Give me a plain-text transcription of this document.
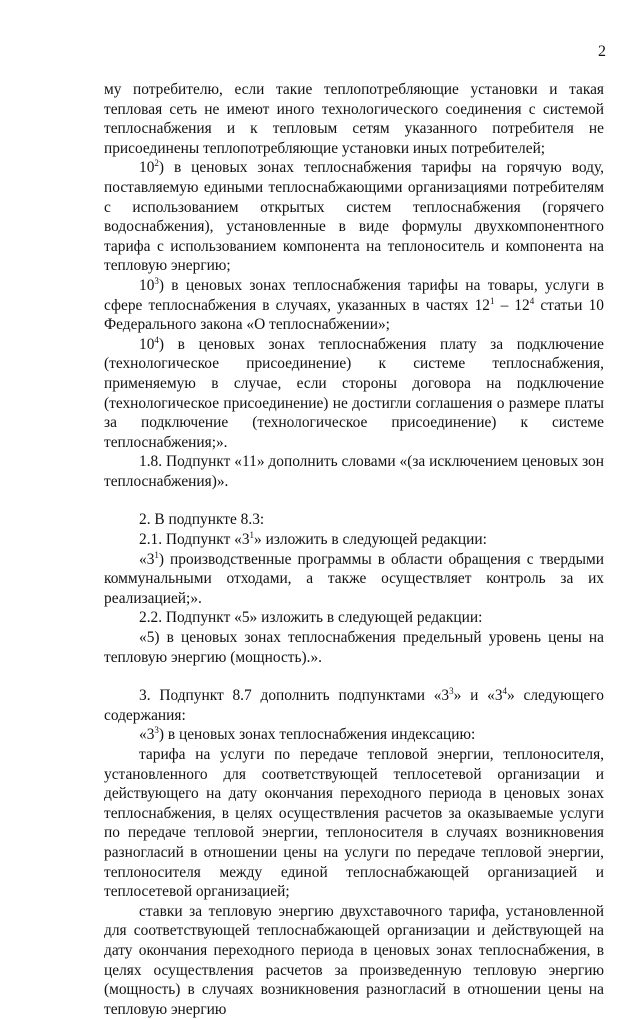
2

му потребителю, если такие теплопотребляющие установки и такая тепловая сеть не имеют иного технологического соединения с системой теплоснабжения и к тепловым сетям указанного потребителя не присоединены теплопотребляющие установки иных потребителей;

$10^2$) в ценовых зонах теплоснабжения тарифы на горячую воду, поставляемую едиными теплоснабжающими организациями потребителям с использованием открытых систем теплоснабжения (горячего водоснабжения), установленные в виде формулы двухкомпонентного тарифа с использованием компонента на теплоноситель и компонента на тепловую энергию;

$10^3$) в ценовых зонах теплоснабжения тарифы на товары, услуги в сфере теплоснабжения в случаях, указанных в частях $12^1 - 12^4$ статьи 10 Федерального закона «О теплоснабжении»;

$10^4$) в ценовых зонах теплоснабжения плату за подключение (технологическое присоединение) к системе теплоснабжения, применяемую в случае, если стороны договора на подключение (технологическое присоединение) не достигли соглашения о размере платы за подключение (технологическое присоединение) к системе теплоснабжения;».

1.8. Подпункт «11» дополнить словами «(за исключением ценовых зон теплоснабжения)».

2. В подпункте 8.3:

2.1. Подпункт «$3^1$» изложить в следующей редакции:

«$3^1$) производственные программы в области обращения с твердыми коммунальными отходами, а также осуществляет контроль за их реализацией;».

2.2. Подпункт «5» изложить в следующей редакции:

«5) в ценовых зонах теплоснабжения предельный уровень цены на тепловую энергию (мощность).».

3. Подпункт 8.7 дополнить подпунктами «$3^3$» и «$3^4$» следующего содержания:

«$3^3$) в ценовых зонах теплоснабжения индексацию:

тарифа на услуги по передаче тепловой энергии, теплоносителя, установленного для соответствующей теплосетевой организации и действующего на дату окончания переходного периода в ценовых зонах теплоснабжения, в целях осуществления расчетов за оказываемые услуги по передаче тепловой энергии, теплоносителя в случаях возникновения разногласий в отношении цены на услуги по передаче тепловой энергии, теплоносителя между единой теплоснабжающей организацией и теплосетевой организацией;

ставки за тепловую энергию двухставочного тарифа, установленной для соответствующей теплоснабжающей организации и действующей на дату окончания переходного периода в ценовых зонах теплоснабжения, в целях осуществления расчетов за произведенную тепловую энергию (мощность) в случаях возникновения разногласий в отношении цены на тепловую энергию
